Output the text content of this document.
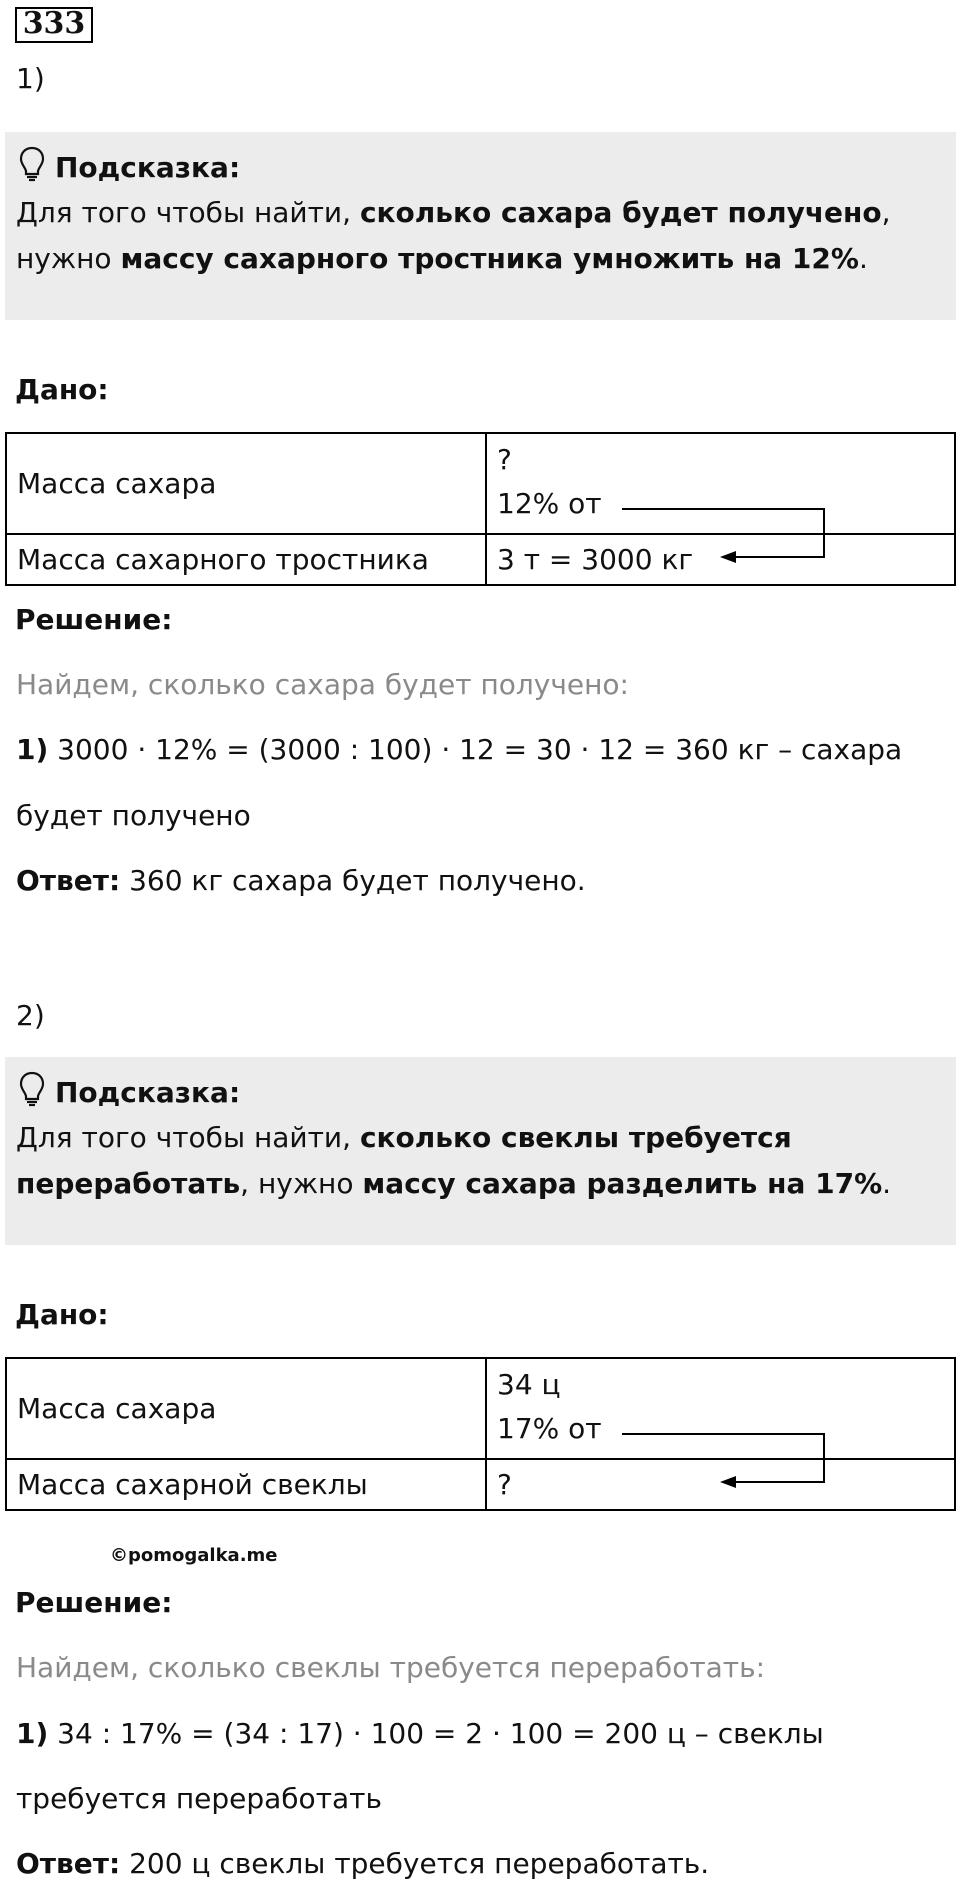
333
1)
Подсказка:
Для того чтобы найти, сколько сахара будет получено,
нужно массу сахарного тростника умножить на 12%.
Дано:
Масса сахара	?
12% от

Масса сахарного тростника	3 т = 3000 кг
Решение:
Найдем, сколько сахара будет получено:
1) 3000 · 12% = (3000 : 100) · 12 = 30 · 12 = 360 кг – сахара
будет получено
Ответ: 360 кг сахара будет получено.
2)
Подсказка:
Для того чтобы найти, сколько свеклы требуется
переработать, нужно массу сахара разделить на 17%.
Дано:
Масса сахара	34 ц
17% от

Масса сахарной свеклы	?
©pomogalka.me
Решение:
Найдем, сколько свеклы требуется переработать:
1) 34 : 17% = (34 : 17) · 100 = 2 · 100 = 200 ц – свеклы
требуется переработать
Ответ: 200 ц свеклы требуется переработать.
